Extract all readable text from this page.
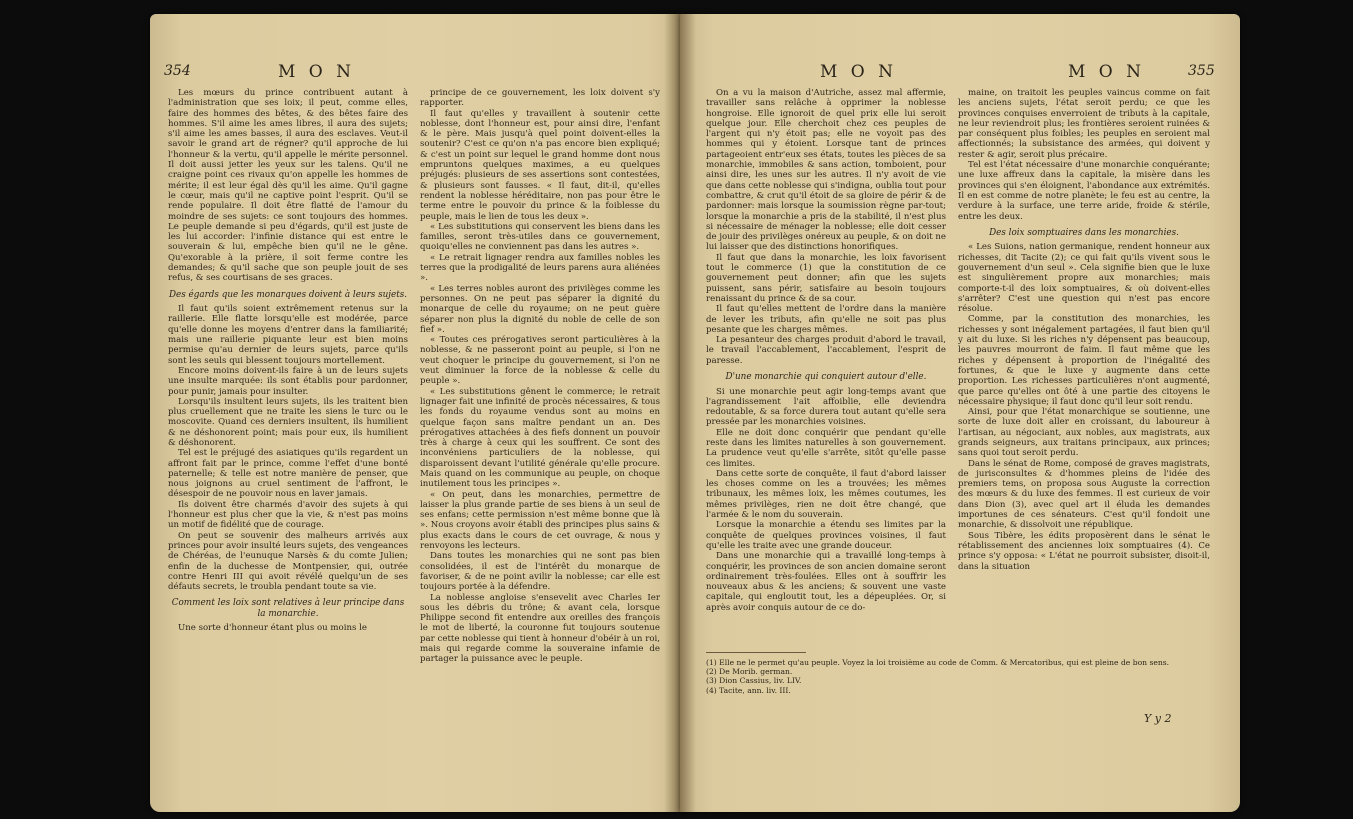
354	M O N

Les mœurs du prince contribuent autant à l'administration que ses loix; il peut, comme elles, faire des hommes des bêtes, & des bêtes faire des hommes. S'il aime les ames libres, il aura des sujets; s'il aime les ames basses, il aura des esclaves. Veut-il savoir le grand art de régner? qu'il approche de lui l'honneur & la vertu, qu'il appelle le mérite personnel. Il doit aussi jetter les yeux sur les talens. Qu'il ne craigne point ces rivaux qu'on appelle les hommes de mérite; il est leur égal dès qu'il les aime. Qu'il gagne le cœur, mais qu'il ne captive point l'esprit. Qu'il se rende populaire. Il doit être flatté de l'amour du moindre de ses sujets: ce sont toujours des hommes. Le peuple demande si peu d'égards, qu'il est juste de les lui accorder: l'infinie distance qui est entre le souverain & lui, empêche bien qu'il ne le gêne. Qu'exorable à la prière, il soit ferme contre les demandes; & qu'il sache que son peuple jouit de ses refus, & ses courtisans de ses graces.

Des égards que les monarques doivent à leurs sujets.

Il faut qu'ils soient extrêmement retenus sur la raillerie. Elle flatte lorsqu'elle est modérée, parce qu'elle donne les moyens d'entrer dans la familiarité; mais une raillerie piquante leur est bien moins permise qu'au dernier de leurs sujets, parce qu'ils sont les seuls qui blessent toujours mortellement.

Encore moins doivent-ils faire à un de leurs sujets une insulte marquée: ils sont établis pour pardonner, pour punir, jamais pour insulter.

Lorsqu'ils insultent leurs sujets, ils les traitent bien plus cruellement que ne traite les siens le turc ou le moscovite. Quand ces derniers insultent, ils humilient & ne déshonorent point; mais pour eux, ils humilient & déshonorent.

Tel est le préjugé des asiatiques qu'ils regardent un affront fait par le prince, comme l'effet d'une bonté paternelle; & telle est notre manière de penser, que nous joignons au cruel sentiment de l'affront, le désespoir de ne pouvoir nous en laver jamais.

Ils doivent être charmés d'avoir des sujets à qui l'honneur est plus cher que la vie, & n'est pas moins un motif de fidélité que de courage.

On peut se souvenir des malheurs arrivés aux princes pour avoir insulté leurs sujets, des vengeances de Chéréas, de l'eunuque Narsès & du comte Julien; enfin de la duchesse de Montpensier, qui, outrée contre Henri III qui avoit révélé quelqu'un de ses défauts secrets, le troubla pendant toute sa vie.

Comment les loix sont relatives à leur principe dans la monarchie.

Une sorte d'honneur étant plus ou moins le

principe de ce gouvernement, les loix doivent s'y rapporter.

Il faut qu'elles y travaillent à soutenir cette noblesse, dont l'honneur est, pour ainsi dire, l'enfant & le père. Mais jusqu'à quel point doivent-elles la soutenir? C'est ce qu'on n'a pas encore bien expliqué; & c'est un point sur lequel le grand homme dont nous empruntons quelques maximes, a eu quelques préjugés: plusieurs de ses assertions sont contestées, & plusieurs sont fausses. « Il faut, dit-il, qu'elles rendent la noblesse héréditaire, non pas pour être le terme entre le pouvoir du prince & la foiblesse du peuple, mais le lien de tous les deux ».

« Les substitutions qui conservent les biens dans les familles, seront très-utiles dans ce gouvernement, quoiqu'elles ne conviennent pas dans les autres ».

« Le retrait lignager rendra aux familles nobles les terres que la prodigalité de leurs parens aura aliénées ».

« Les terres nobles auront des privilèges comme les personnes. On ne peut pas séparer la dignité du monarque de celle du royaume; on ne peut guère séparer non plus la dignité du noble de celle de son fief ».

« Toutes ces prérogatives seront particulières à la noblesse, & ne passeront point au peuple, si l'on ne veut choquer le principe du gouvernement, si l'on ne veut diminuer la force de la noblesse & celle du peuple ».

« Les substitutions gênent le commerce; le retrait lignager fait une infinité de procès nécessaires, & tous les fonds du royaume vendus sont au moins en quelque façon sans maître pendant un an. Des prérogatives attachées à des fiefs donnent un pouvoir très à charge à ceux qui les souffrent. Ce sont des inconvéniens particuliers de la noblesse, qui disparoissent devant l'utilité générale qu'elle procure. Mais quand on les communique au peuple, on choque inutilement tous les principes ».

« On peut, dans les monarchies, permettre de laisser la plus grande partie de ses biens à un seul de ses enfans; cette permission n'est même bonne que là ». Nous croyons avoir établi des principes plus sains & plus exacts dans le cours de cet ouvrage, & nous y renvoyons les lecteurs.

Dans toutes les monarchies qui ne sont pas bien consolidées, il est de l'intérêt du monarque de favoriser, & de ne point avilir la noblesse; car elle est toujours portée à la défendre.

La noblesse angloise s'ensevelit avec Charles Ier sous les débris du trône; & avant cela, lorsque Philippe second fit entendre aux oreilles des françois le mot de liberté, la couronne fut toujours soutenue par cette noblesse qui tient à honneur d'obéir à un roi, mais qui regarde comme la souveraine infamie de partager la puissance avec le peuple.

M O N	M O N	355

On a vu la maison d'Autriche, assez mal affermie, travailler sans relâche à opprimer la noblesse hongroise. Elle ignoroit de quel prix elle lui seroit quelque jour. Elle cherchoit chez ces peuples de l'argent qui n'y étoit pas; elle ne voyoit pas des hommes qui y étoient. Lorsque tant de princes partageoient entr'eux ses états, toutes les pièces de sa monarchie, immobiles & sans action, tomboient, pour ainsi dire, les unes sur les autres. Il n'y avoit de vie que dans cette noblesse qui s'indigna, oublia tout pour combattre, & crut qu'il étoit de sa gloire de périr & de pardonner: mais lorsque la soumission règne par-tout; lorsque la monarchie a pris de la stabilité, il n'est plus si nécessaire de ménager la noblesse; elle doit cesser de jouir des privilèges onéreux au peuple, & on doit ne lui laisser que des distinctions honorifiques.

Il faut que dans la monarchie, les loix favorisent tout le commerce (1) que la constitution de ce gouvernement peut donner; afin que les sujets puissent, sans périr, satisfaire au besoin toujours renaissant du prince & de sa cour.

Il faut qu'elles mettent de l'ordre dans la manière de lever les tributs, afin qu'elle ne soit pas plus pesante que les charges mêmes.

La pesanteur des charges produit d'abord le travail, le travail l'accablement, l'accablement, l'esprit de paresse.

D'une monarchie qui conquiert autour d'elle.

Si une monarchie peut agir long-temps avant que l'agrandissement l'ait affoiblie, elle deviendra redoutable, & sa force durera tout autant qu'elle sera pressée par les monarchies voisines.

Elle ne doit donc conquérir que pendant qu'elle reste dans les limites naturelles à son gouvernement. La prudence veut qu'elle s'arrête, sitôt qu'elle passe ces limites.

Dans cette sorte de conquête, il faut d'abord laisser les choses comme on les a trouvées; les mêmes tribunaux, les mêmes loix, les mêmes coutumes, les mêmes privilèges, rien ne doit être changé, que l'armée & le nom du souverain.

Lorsque la monarchie a étendu ses limites par la conquête de quelques provinces voisines, il faut qu'elle les traite avec une grande douceur.

Dans une monarchie qui a travaillé long-temps à conquérir, les provinces de son ancien domaine seront ordinairement très-foulées. Elles ont à souffrir les nouveaux abus & les anciens; & souvent une vaste capitale, qui engloutit tout, les a dépeuplées. Or, si après avoir conquis autour de ce do-

maine, on traitoit les peuples vaincus comme on fait les anciens sujets, l'état seroit perdu; ce que les provinces conquises enverroient de tributs à la capitale, ne leur reviendroit plus; les frontières seroient ruinées & par conséquent plus foibles; les peuples en seroient mal affectionnés; la subsistance des armées, qui doivent y rester & agir, seroit plus précaire.

Tel est l'état nécessaire d'une monarchie conquérante; une luxe affreux dans la capitale, la misère dans les provinces qui s'en éloignent, l'abondance aux extrémités. Il en est comme de notre planète; le feu est au centre, la verdure à la surface, une terre aride, froide & stérile, entre les deux.

Des loix somptuaires dans les monarchies.

« Les Suions, nation germanique, rendent honneur aux richesses, dit Tacite (2); ce qui fait qu'ils vivent sous le gouvernement d'un seul ». Cela signifie bien que le luxe est singulièrement propre aux monarchies; mais comporte-t-il des loix somptuaires, & où doivent-elles s'arrêter? C'est une question qui n'est pas encore résolue.

Comme, par la constitution des monarchies, les richesses y sont inégalement partagées, il faut bien qu'il y ait du luxe. Si les riches n'y dépensent pas beaucoup, les pauvres mourront de faim. Il faut même que les riches y dépensent à proportion de l'inégalité des fortunes, & que le luxe y augmente dans cette proportion. Les richesses particulières n'ont augmenté, que parce qu'elles ont ôté à une partie des citoyens le nécessaire physique; il faut donc qu'il leur soit rendu.

Ainsi, pour que l'état monarchique se soutienne, une sorte de luxe doit aller en croissant, du laboureur à l'artisan, au négociant, aux nobles, aux magistrats, aux grands seigneurs, aux traitans principaux, aux princes; sans quoi tout seroit perdu.

Dans le sénat de Rome, composé de graves magistrats, de jurisconsultes & d'hommes pleins de l'idée des premiers tems, on proposa sous Auguste la correction des mœurs & du luxe des femmes. Il est curieux de voir dans Dion (3), avec quel art il éluda les demandes importunes de ces sénateurs. C'est qu'il fondoit une monarchie, & dissolvoit une république.

Sous Tibère, les édits proposèrent dans le sénat le rétablissement des anciennes loix somptuaires (4). Ce prince s'y opposa: « L'état ne pourroit subsister, disoit-il, dans la situation

(1) Elle ne le permet qu'au peuple. Voyez la loi troisième au code de Comm. & Mercatoribus, qui est pleine de bon sens.
(2) De Morib. german.
(3) Dion Cassius, liv. LIV.
(4) Tacite, ann. liv. III.
Y y 2
